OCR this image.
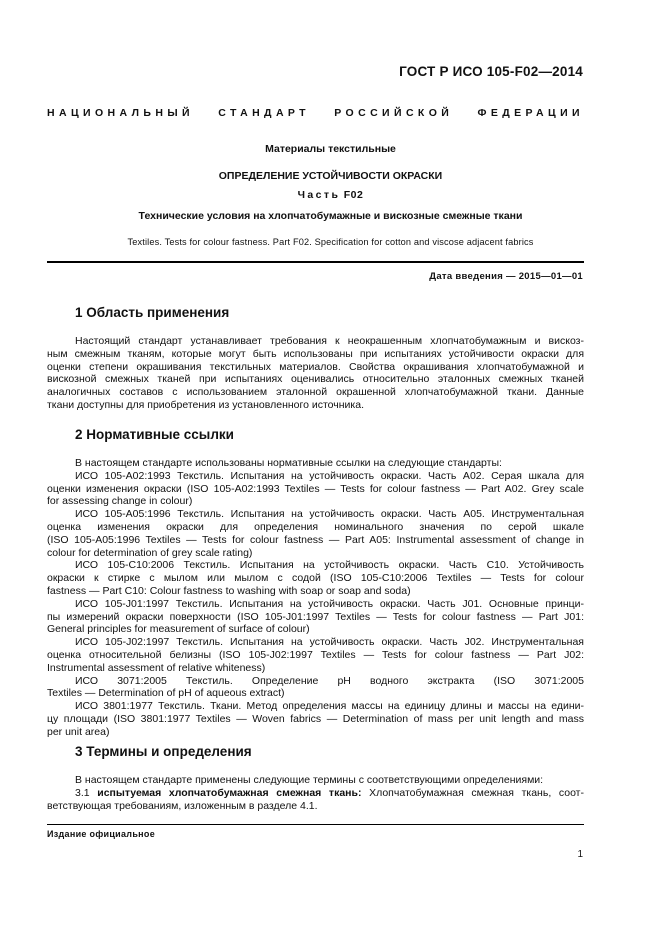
ГОСТ Р ИСО 105-F02—2014
НАЦИОНАЛЬНЫЙ СТАНДАРТ РОССИЙСКОЙ ФЕДЕРАЦИИ
Материалы текстильные
ОПРЕДЕЛЕНИЕ УСТОЙЧИВОСТИ ОКРАСКИ
Часть F02
Технические условия на хлопчатобумажные и вискозные смежные ткани
Textiles. Tests for colour fastness. Part F02. Specification for cotton and viscose adjacent fabrics
Дата введения — 2015—01—01
1 Область применения
Настоящий стандарт устанавливает требования к неокрашенным хлопчатобумажным и вискоз-
ным смежным тканям, которые могут быть использованы при испытаниях устойчивости окраски для
оценки степени окрашивания текстильных материалов. Свойства окрашивания хлопчатобумажной и
вискозной смежных тканей при испытаниях оценивались относительно эталонных смежных тканей
аналогичных составов с использованием эталонной окрашенной хлопчатобумажной ткани. Данные
ткани доступны для приобретения из установленного источника.
2 Нормативные ссылки
В настоящем стандарте использованы нормативные ссылки на следующие стандарты:
ИСО 105-A02:1993 Текстиль. Испытания на устойчивость окраски. Часть А02. Серая шкала для
оценки изменения окраски (ISO 105-A02:1993 Textiles — Tests for colour fastness — Part A02. Grey scale
for assessing change in colour)
ИСО 105-A05:1996 Текстиль. Испытания на устойчивость окраски. Часть А05. Инструментальная
оценка изменения окраски для определения номинального значения по серой шкале
(ISO 105-A05:1996 Textiles — Tests for colour fastness — Part A05: Instrumental assessment of change in
colour for determination of grey scale rating)
ИСО 105-C10:2006 Текстиль. Испытания на устойчивость окраски. Часть С10. Устойчивость
окраски к стирке с мылом или мылом с содой (ISO 105-C10:2006 Textiles — Tests for colour
fastness — Part C10: Colour fastness to washing with soap or soap and soda)
ИСО 105-J01:1997 Текстиль. Испытания на устойчивость окраски. Часть J01. Основные принци-
пы измерений окраски поверхности (ISO 105-J01:1997 Textiles — Tests for colour fastness — Part J01:
General principles for measurement of surface of colour)
ИСО 105-J02:1997 Текстиль. Испытания на устойчивость окраски. Часть J02. Инструментальная
оценка относительной белизны (ISO 105-J02:1997 Textiles — Tests for colour fastness — Part J02:
Instrumental assessment of relative whiteness)
ИСО 3071:2005 Текстиль. Определение рН водного экстракта (ISO 3071:2005
Textiles — Determination of pH of aqueous extract)
ИСО 3801:1977 Текстиль. Ткани. Метод определения массы на единицу длины и массы на едини-
цу площади (ISO 3801:1977 Textiles — Woven fabrics — Determination of mass per unit length and mass
per unit area)
3 Термины и определения
В настоящем стандарте применены следующие термины с соответствующими определениями:
3.1 испытуемая хлопчатобумажная смежная ткань: Хлопчатобумажная смежная ткань, соот-
ветствующая требованиям, изложенным в разделе 4.1.
Издание официальное
1
